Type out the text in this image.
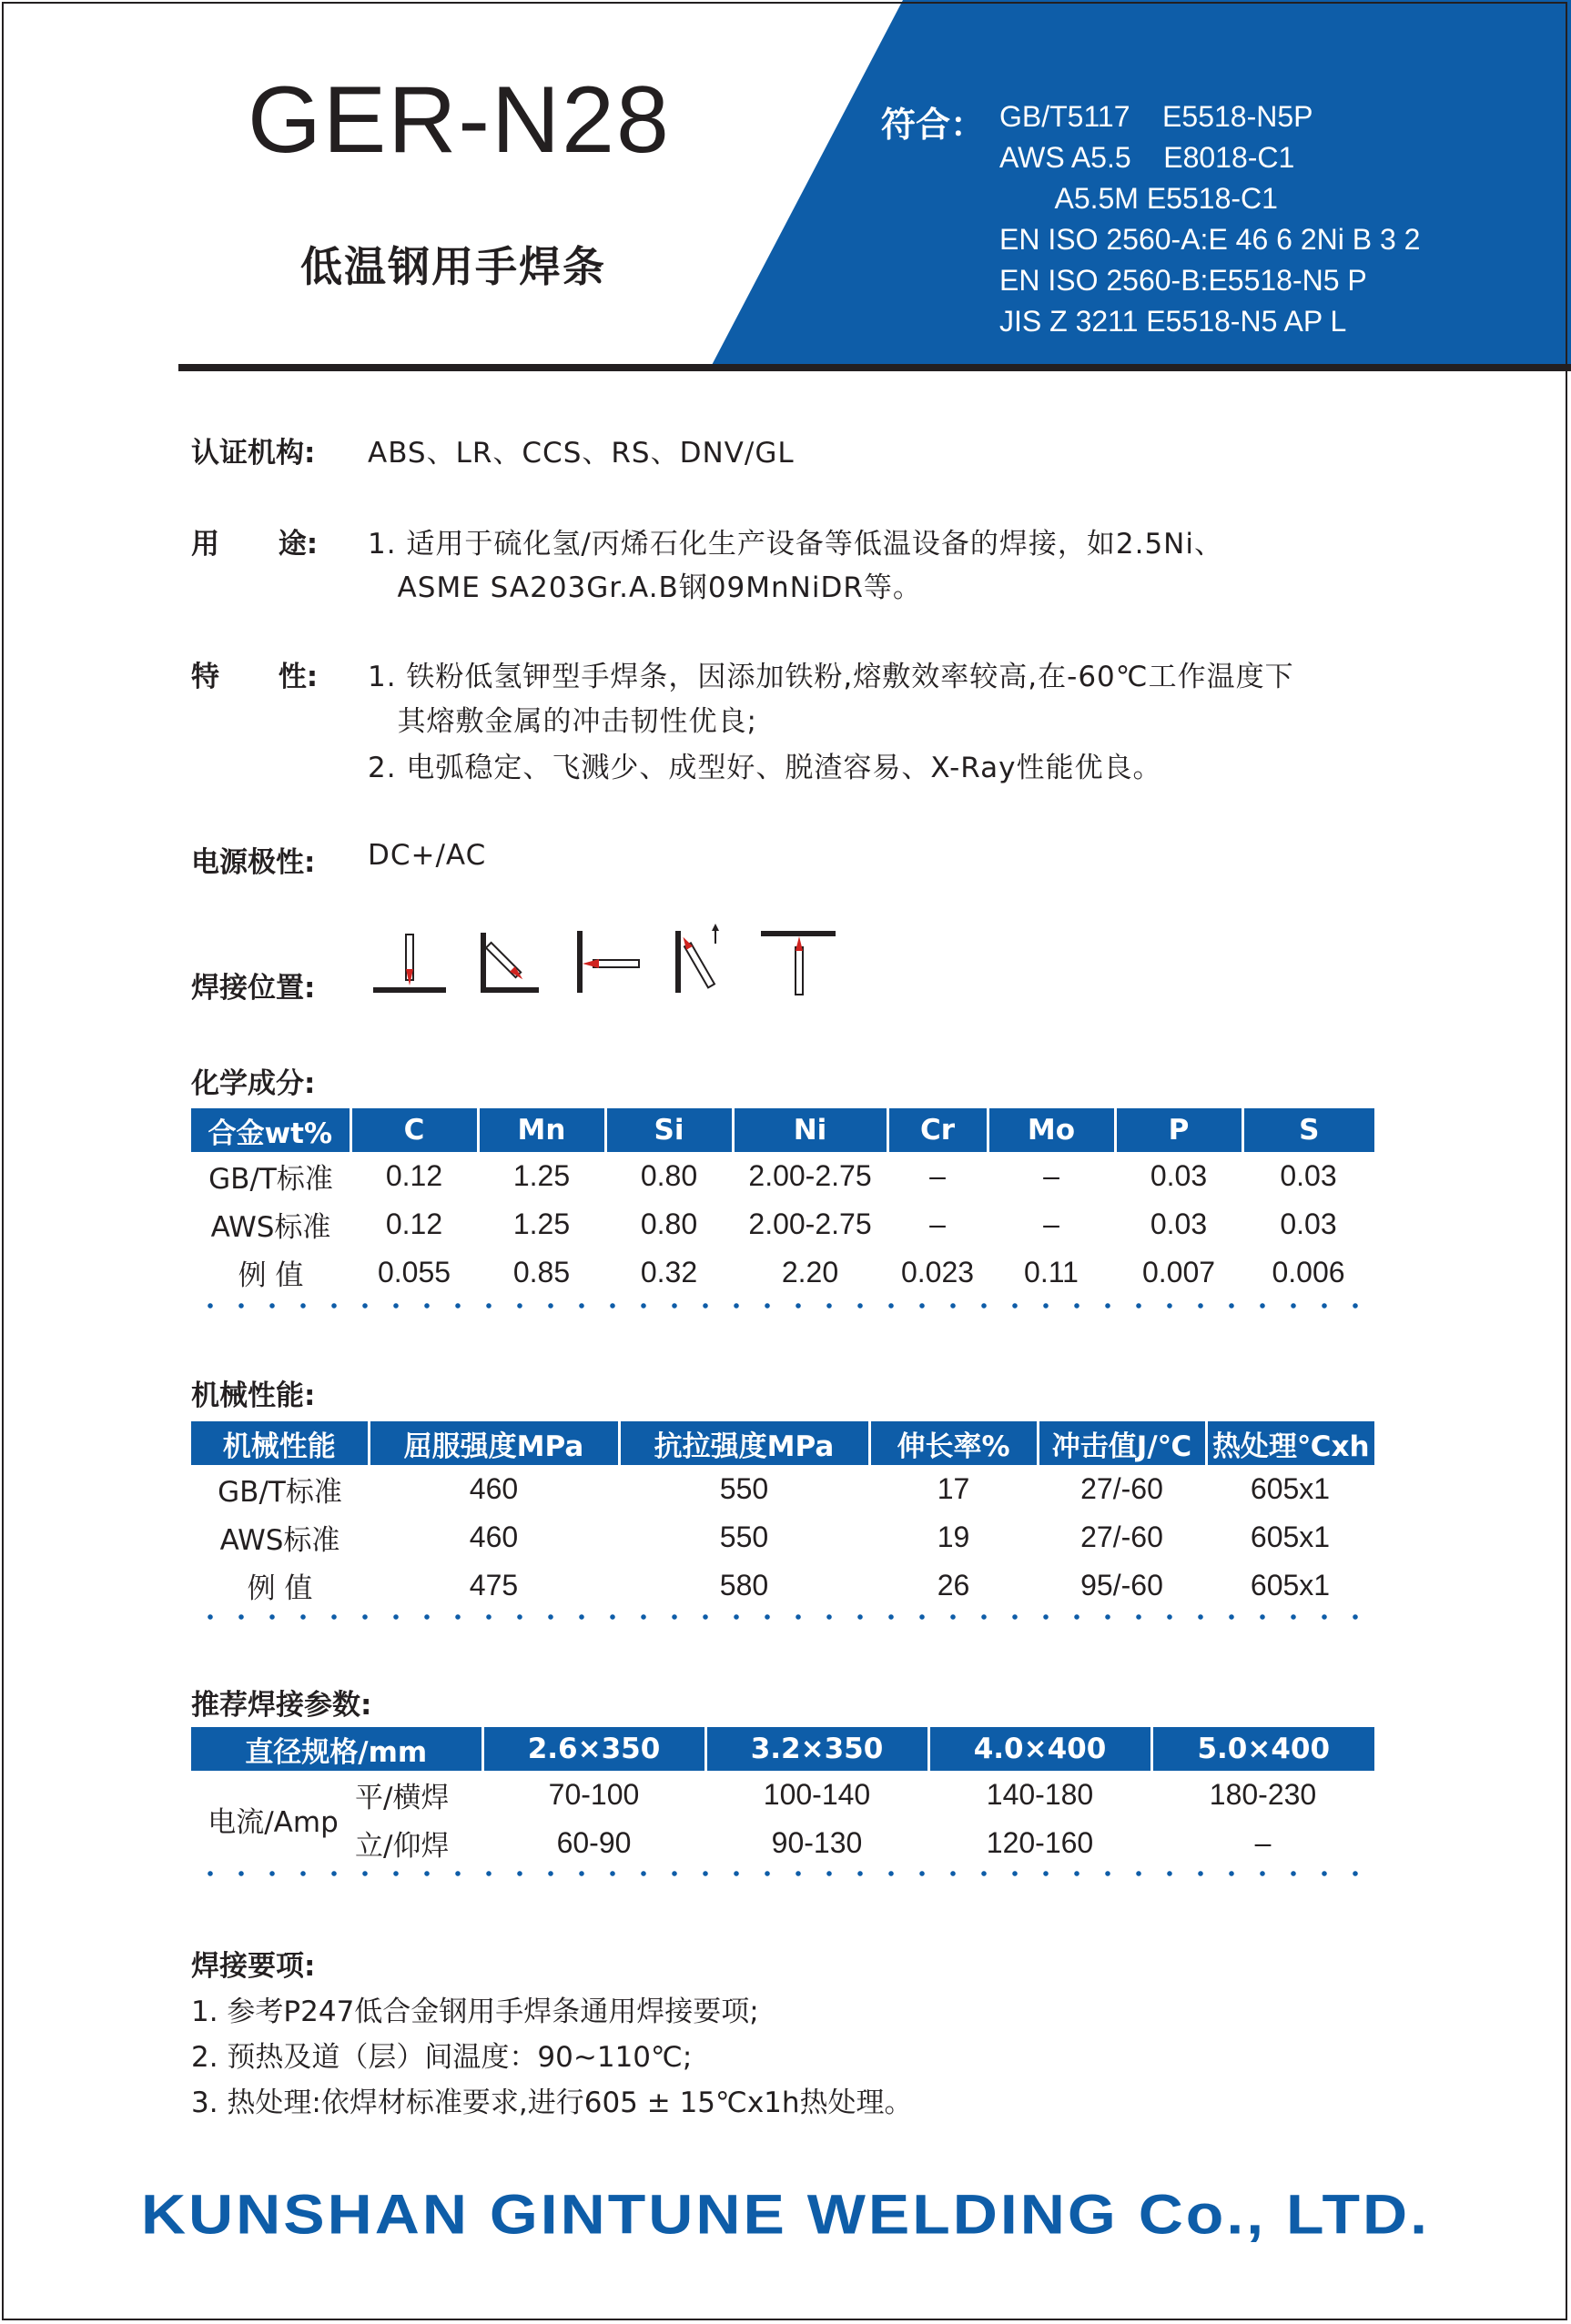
GER-N28
低温钢用手焊条
符合： GB/T5117    E5518-N5P
AWS A5.5    E8018-C1
A5.5M E5518-C1
EN ISO 2560-A:E 46 6 2Ni B 3 2
EN ISO 2560-B:E5518-N5 P
JIS Z 3211 E5518-N5 AP L
认证机构: ABS、LR、CCS、RS、DNV/GL
用      途: 1. 适用于硫化氢/丙烯石化生产设备等低温设备的焊接，如2.5Ni、
ASME SA203Gr.A.B钢09MnNiDR等。
特      性: 1. 铁粉低氢钾型手焊条，因添加铁粉,熔敷效率较高,在-60℃工作温度下
其熔敷金属的冲击韧性优良;
2. 电弧稳定、飞溅少、成型好、脱渣容易、X-Ray性能优良。
电源极性: DC+/AC
焊接位置:
化学成分:
合金wt%	C	Mn	Si	Ni	Cr	Mo	P	S
GB/T标准	0.12	1.25	0.80	2.00-2.75	–	–	0.03	0.03
AWS标准	0.12	1.25	0.80	2.00-2.75	–	–	0.03	0.03
例 值	0.055	0.85	0.32	2.20	0.023	0.11	0.007	0.006
机械性能:
机械性能	屈服强度MPa	抗拉强度MPa	伸长率%	冲击值J/℃	热处理℃xh
GB/T标准	460	550	17	27/-60	605x1
AWS标准	460	550	19	27/-60	605x1
例 值	475	580	26	95/-60	605x1
推荐焊接参数:
直径规格/mm		2.6×350	3.2×350	4.0×400	5.0×400
电流/Amp	平/横焊	70-100	100-140	140-180	180-230
	立/仰焊	60-90	90-130	120-160	–
焊接要项:
1. 参考P247低合金钢用手焊条通用焊接要项;
2. 预热及道（层）间温度：90~110℃;
3. 热处理:依焊材标准要求,进行605 ± 15℃x1h热处理。
KUNSHAN GINTUNE WELDING Co., LTD.
